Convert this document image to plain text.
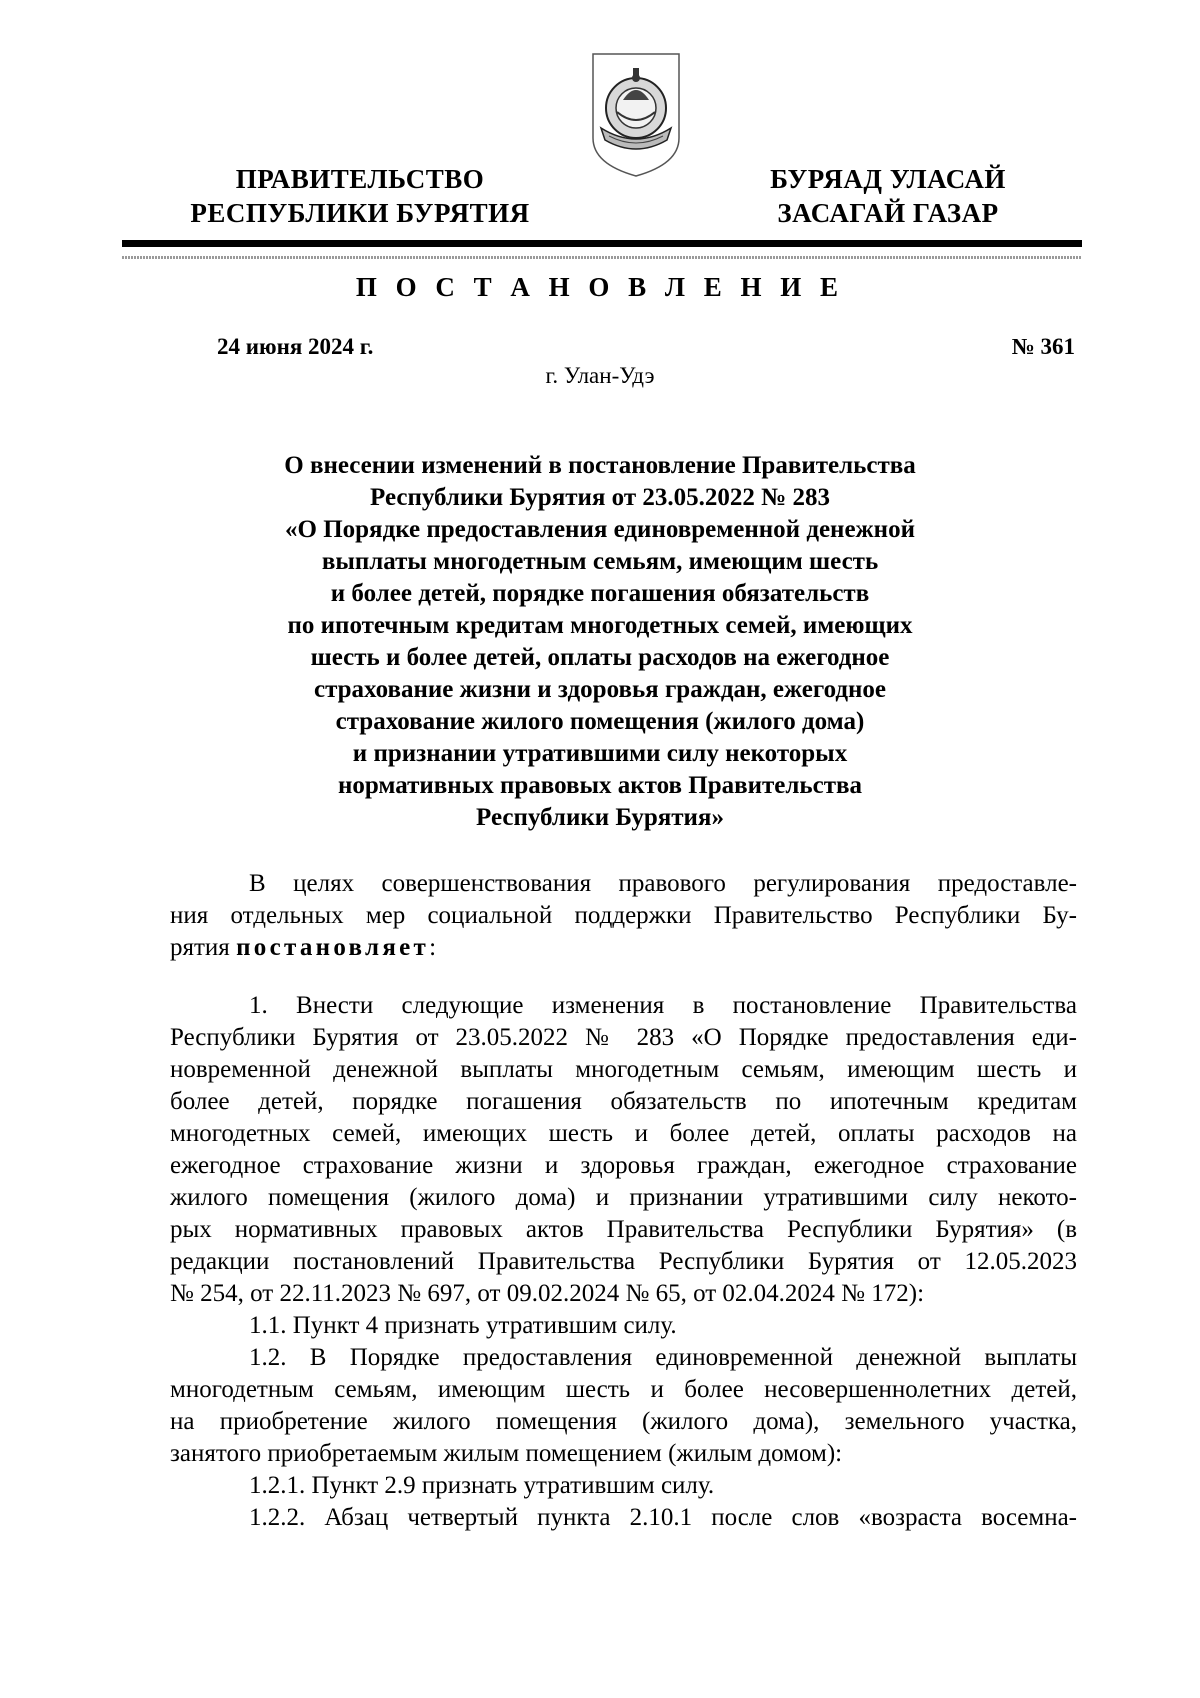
ПРАВИТЕЛЬСТВО
РЕСПУБЛИКИ БУРЯТИЯ
БУРЯАД УЛАСАЙ
ЗАСАГАЙ ГАЗАР
П О С Т А Н О В Л Е Н И Е
24 июня 2024 г.	№ 361
г. Улан-Удэ
О внесении изменений в постановление Правительства
Республики Бурятия от 23.05.2022 № 283
«О Порядке предоставления единовременной денежной
выплаты многодетным семьям, имеющим шесть
и более детей, порядке погашения обязательств
по ипотечным кредитам многодетных семей, имеющих
шесть и более детей, оплаты расходов на ежегодное
страхование жизни и здоровья граждан, ежегодное
страхование жилого помещения (жилого дома)
и признании утратившими силу некоторых
нормативных правовых актов Правительства
Республики Бурятия»
В целях совершенствования правового регулирования предоставле-
ния отдельных мер социальной поддержки Правительство Республики Бу-
рятия постановляет:
1. Внести следующие изменения в постановление Правительства
Республики Бурятия от 23.05.2022 № 283 «О Порядке предоставления еди-
новременной денежной выплаты многодетным семьям, имеющим шесть и
более детей, порядке погашения обязательств по ипотечным кредитам
многодетных семей, имеющих шесть и более детей, оплаты расходов на
ежегодное страхование жизни и здоровья граждан, ежегодное страхование
жилого помещения (жилого дома) и признании утратившими силу некото-
рых нормативных правовых актов Правительства Республики Бурятия» (в
редакции постановлений Правительства Республики Бурятия от 12.05.2023
№ 254, от 22.11.2023 № 697, от 09.02.2024 № 65, от 02.04.2024 № 172):
1.1. Пункт 4 признать утратившим силу.
1.2. В Порядке предоставления единовременной денежной выплаты
многодетным семьям, имеющим шесть и более несовершеннолетних детей,
на приобретение жилого помещения (жилого дома), земельного участка,
занятого приобретаемым жилым помещением (жилым домом):
1.2.1. Пункт 2.9 признать утратившим силу.
1.2.2. Абзац четвертый пункта 2.10.1 после слов «возраста восемна-
